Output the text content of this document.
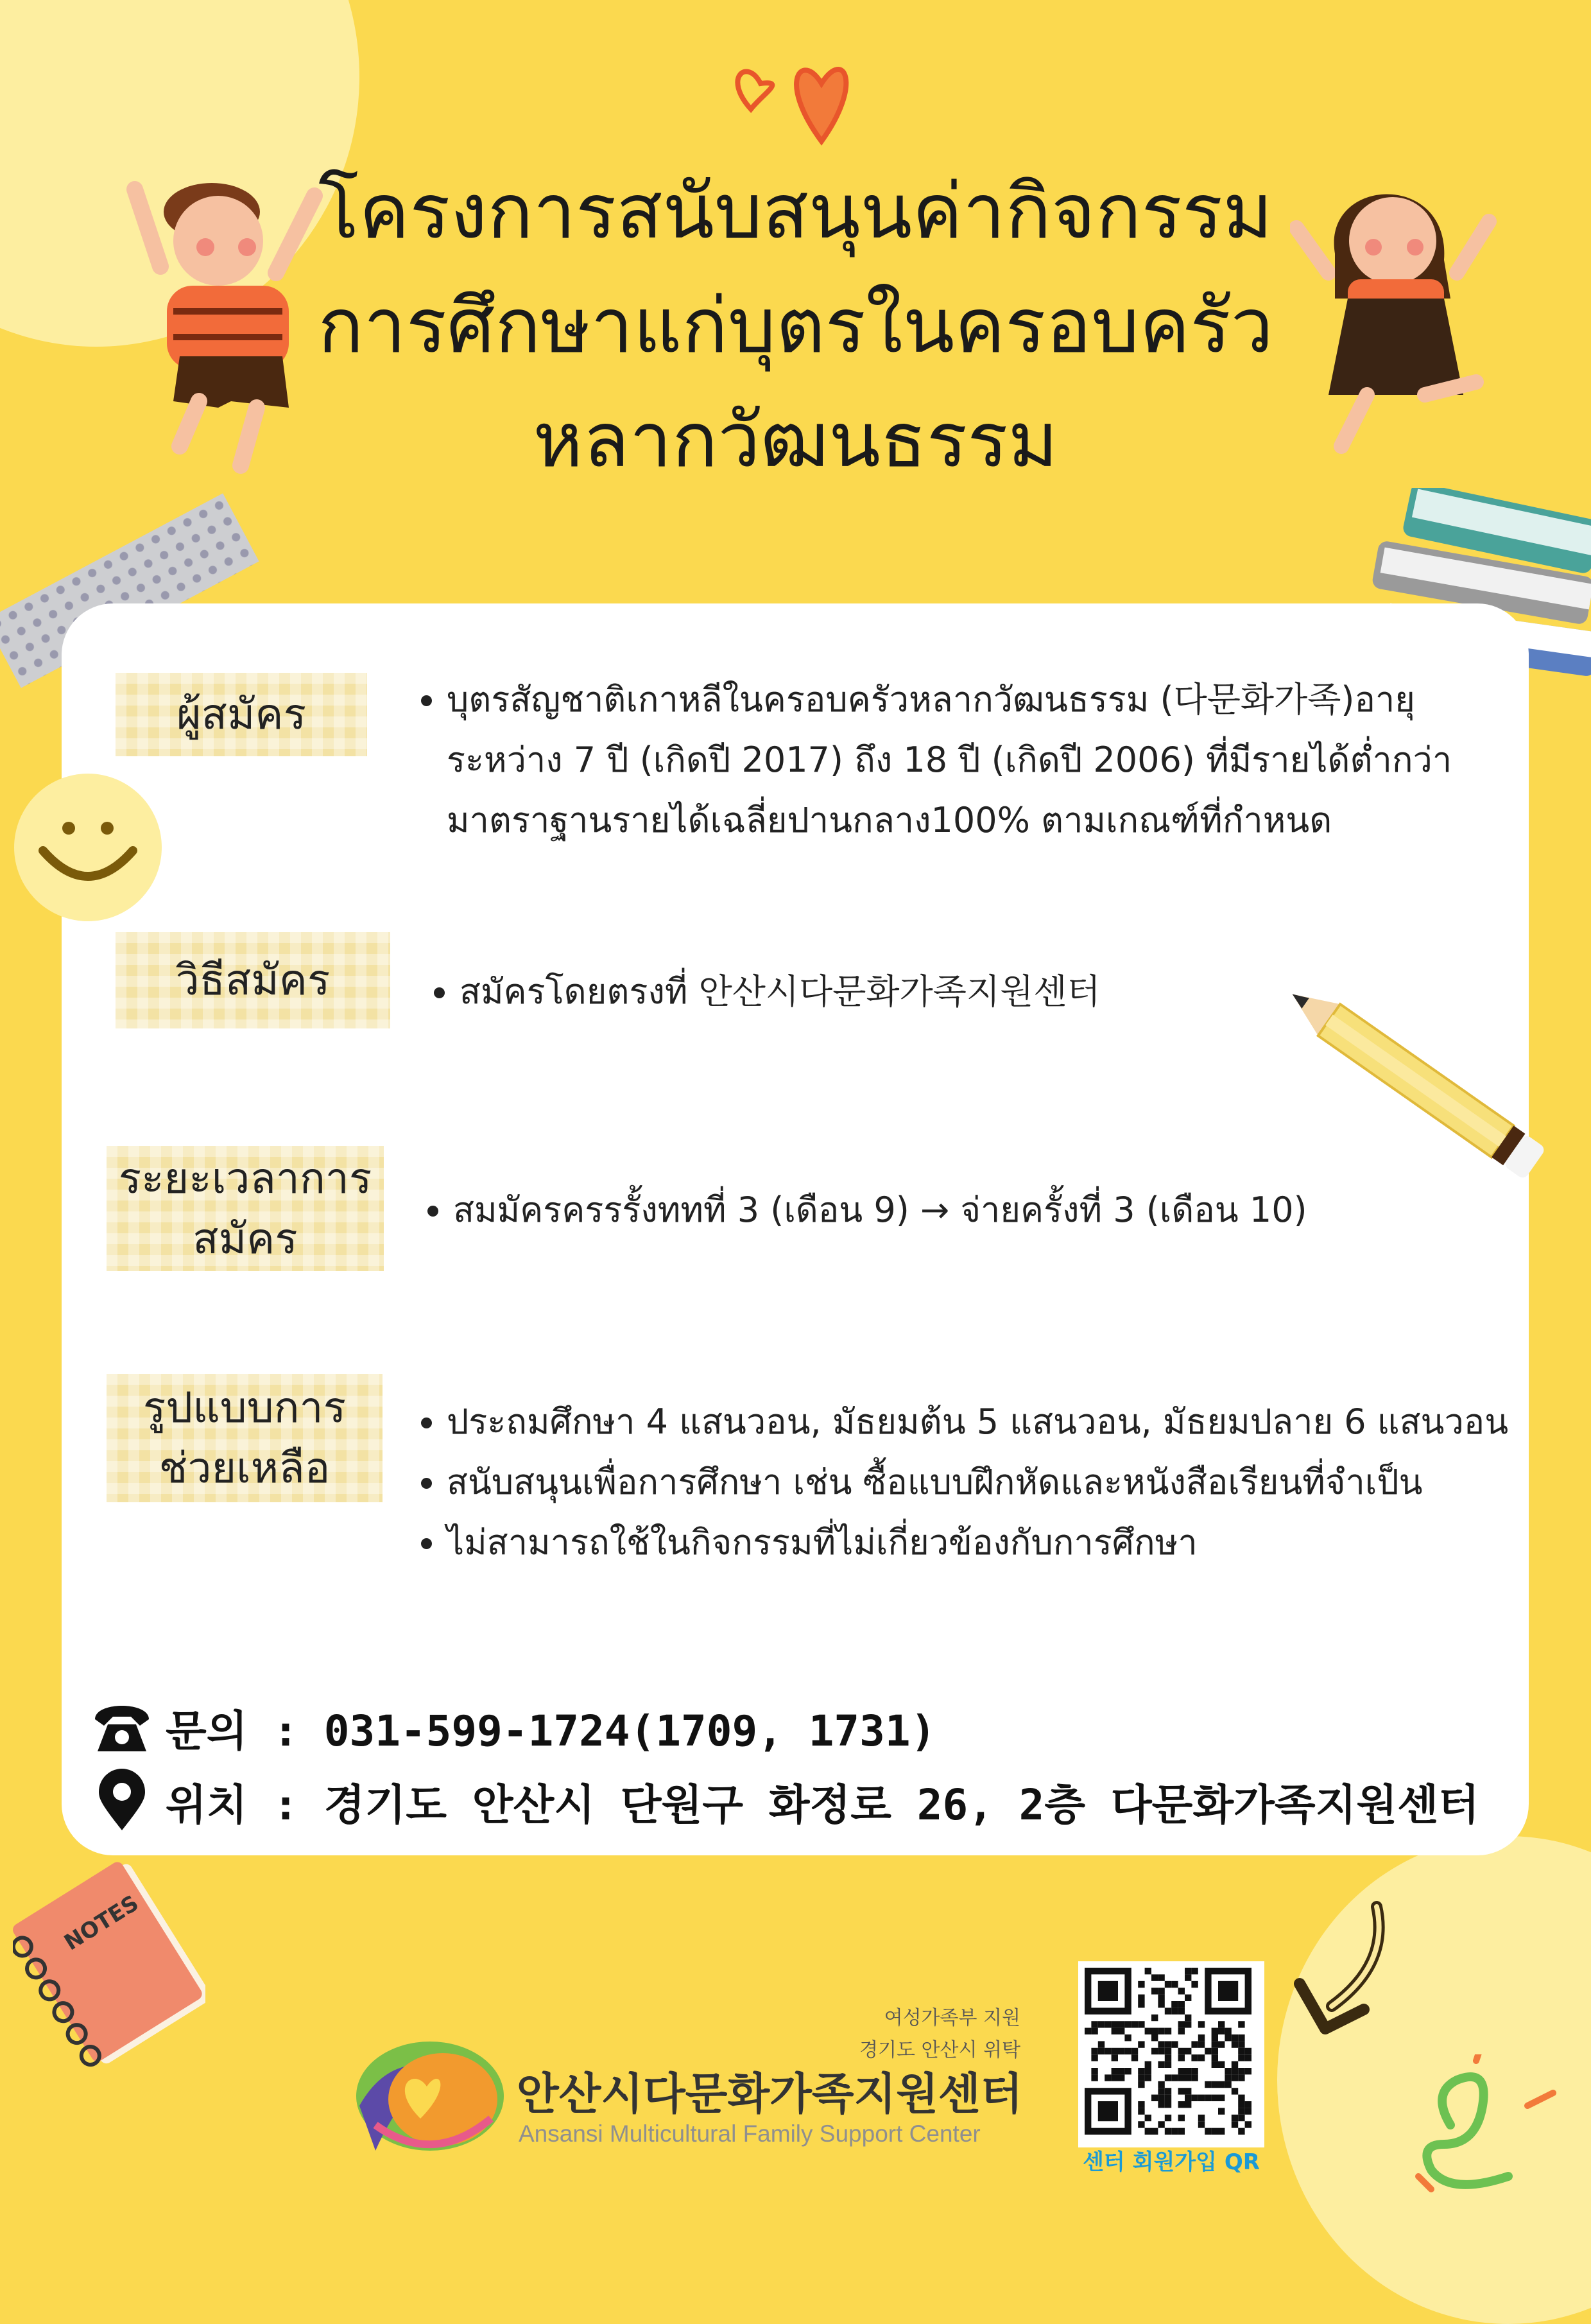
โครงการสนับสนุนค่ากิจกรรม
การศึกษาแก่บุตรในครอบครัว
หลากวัฒนธรรม
ผู้สมัคร	• บุตรสัญชาติเกาหลีในครอบครัวหลากวัฒนธรรม (다문화가족)อายุระหว่าง 7 ปี (เกิดปี 2017) ถึง 18 ปี (เกิดปี 2006) ที่มีรายได้ต่ำกว่ามาตราฐานรายได้เฉลี่ยปานกลาง100% ตามเกณฑ์ที่กำหนด
วิธีสมัคร	• สมัครโดยตรงที่ 안산시다문화가족지원센터
ระยะเวลาการ
สมัคร
• สมมัครครรรั้งททที่ 3 (เดือน 9) → จ่ายครั้งที่ 3 (เดือน 10)
รูปแบบการ
ช่วยเหลือ
• ประถมศึกษา 4 แสนวอน, มัธยมต้น 5 แสนวอน, มัธยมปลาย 6 แสนวอน
• สนับสนุนเพื่อการศึกษา เช่น ซื้อแบบฝึกหัดและหนังสือเรียนที่จำเป็น
• ไม่สามารถใช้ในกิจกรรมที่ไม่เกี่ยวข้องกับการศึกษา
문의 : 031-599-1724(1709, 1731)
위치 : 경기도 안산시 단원구 화정로 26, 2층 다문화가족지원센터
NOTES
여성가족부 지원
경기도 안산시 위탁
안산시다문화가족지원센터
Ansansi Multicultural Family Support Center
센터 회원가입 QR
